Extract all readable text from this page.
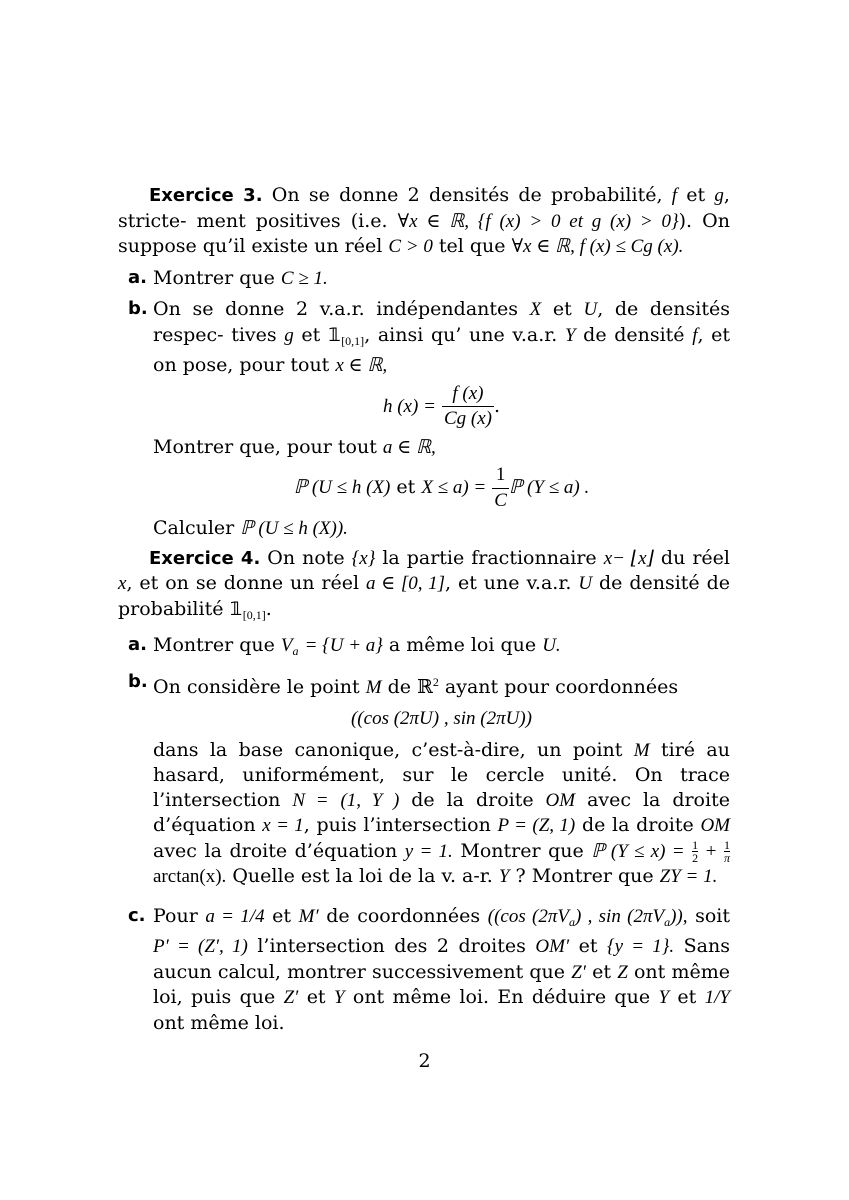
Exercice 3. On se donne 2 densités de probabilité, f et g, stricte- ment positives (i.e. ∀x ∈ ℝ, {f (x) > 0 et g (x) > 0}). On suppose qu’il existe un réel C > 0 tel que ∀x ∈ ℝ, f (x) ≤ Cg (x).

a. Montrer que C ≥ 1.
b. On se donne 2 v.a.r. indépendantes X et U, de densités respec- tives g et $𝟙_{[0,1]}$, ainsi qu’ une v.a.r. Y de densité f, et on pose, pour tout x ∈ ℝ,
h $(x) = \frac{f (x)}{Cg (x)}$ .

Montrer que, pour tout a ∈ ℝ,

ℙ (U ≤ h (X) et $X \le a) = \frac{1}{C}$ ℙ (Y ≤ a) .

Calculer ℙ (U ≤ h (X)).

Exercice 4. On note {x} la partie fractionnaire x− ⌊x⌋ du réel x, et on se donne un réel a ∈ [0, 1], et une v.a.r. U de densité de probabilité $𝟙_{[0,1]}$.

a. Montrer que $V_a = \{U + a\}$ a même loi que U.
b. On considère le point M de ℝ$^2$ ayant pour coordonnées
((cos (2πU) , sin (2πU))

dans la base canonique, c’est-à-dire, un point M tiré au hasard, uniformément, sur le cercle unité. On trace l’intersection N = (1, Y ) de la droite OM avec la droite d’équation x = 1, puis l’intersection P = (Z, 1) de la droite OM avec la droite d’équation y = 1. Montrer que ℙ $(Y \le x) = \frac{1}{2} + \frac{1}{\pi} \arctan(x)$. Quelle est la loi de la v. a-r. Y ? Montrer que ZY = 1.

c. Pour a = 1/4 et M′ de coordonnées ((cos $(2\pi V_a)$ , $\sin (2\pi V_a)$), soit P′ = (Z′, 1) l’intersection des 2 droites OM′ et {y = 1}. Sans aucun calcul, montrer successivement que Z′ et Z ont même loi, puis que Z′ et Y ont même loi. En déduire que Y et 1/Y ont même loi.
2
